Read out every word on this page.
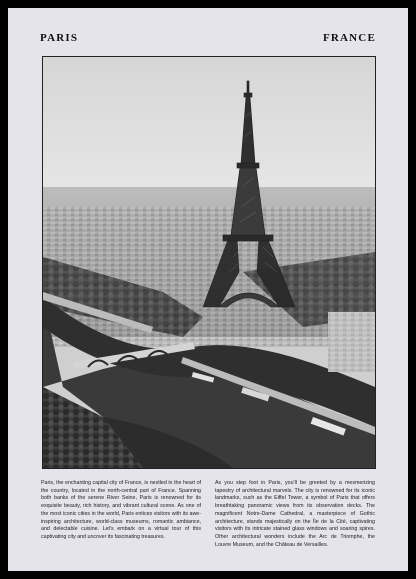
PARIS	FRANCE
Paris, the enchanting capital city of France, is nestled in the heart of the country, located in the north-central part of France. Spanning both banks of the serene River Seine, Paris is renowned for its exquisite beauty, rich history, and vibrant cultural scene. As one of the most iconic cities in the world, Paris entices visitors with its awe-inspiring architecture, world-class museums, romantic ambiance, and delectable cuisine. Let's embark on a virtual tour of this captivating city and uncover its fascinating treasures.
As you step foot in Paris, you'll be greeted by a mesmerizing tapestry of architectural marvels. The city is renowned for its iconic landmarks, such as the Eiffel Tower, a symbol of Paris that offers breathtaking panoramic views from its observation decks. The magnificent Notre-Dame Cathedral, a masterpiece of Gothic architecture, stands majestically on the Île de la Cité, captivating visitors with its intricate stained glass windows and soaring spires. Other architectural wonders include the Arc de Triomphe, the Louvre Museum, and the Château de Versailles.
